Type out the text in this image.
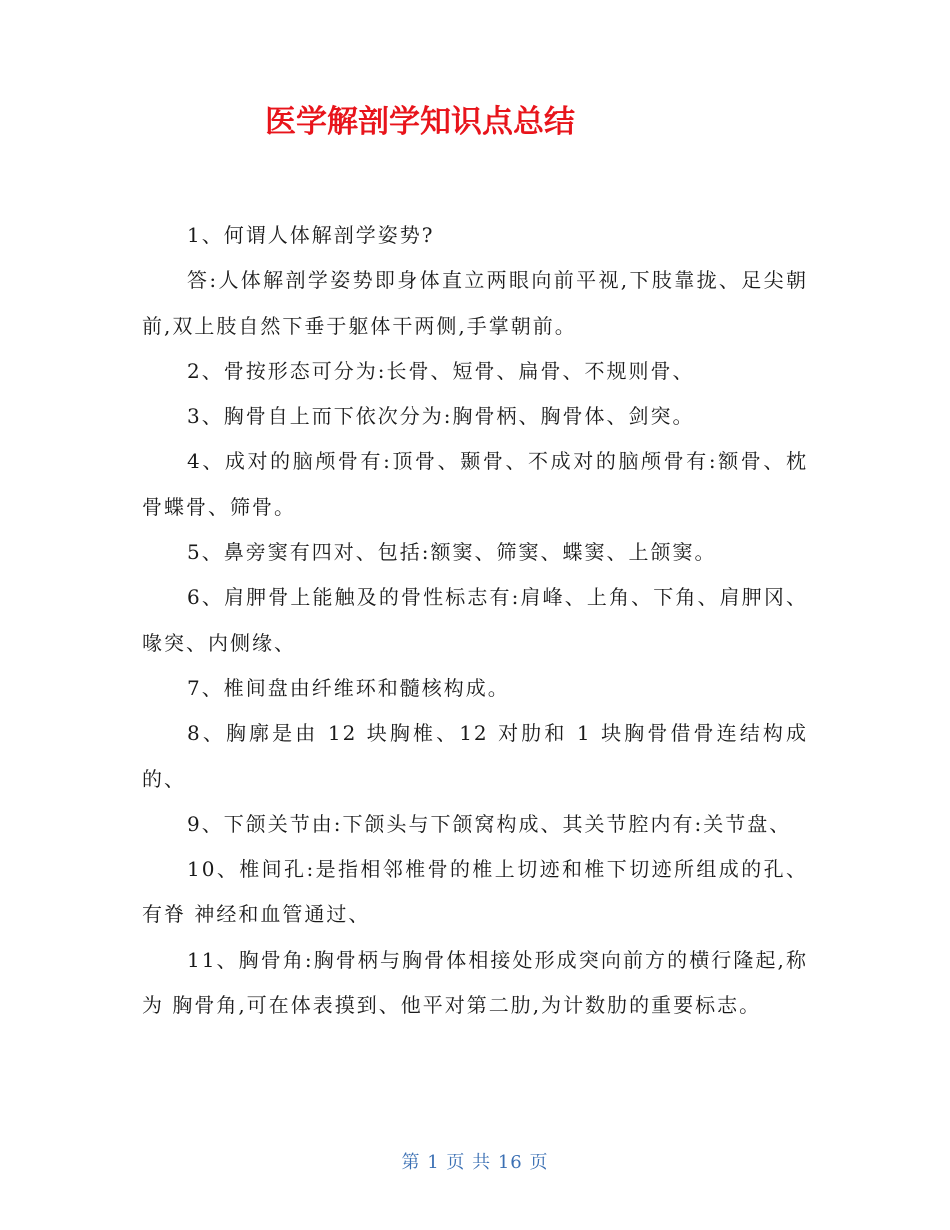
医学解剖学知识点总结

1、何谓人体解剖学姿势?

答:人体解剖学姿势即身体直立两眼向前平视,下肢靠拢、足尖朝 前,双上肢自然下垂于躯体干两侧,手掌朝前。

2、骨按形态可分为:长骨、短骨、扁骨、不规则骨、

3、胸骨自上而下依次分为:胸骨柄、胸骨体、剑突。

4、成对的脑颅骨有:顶骨、颞骨、不成对的脑颅骨有:额骨、枕骨蝶骨、筛骨。

5、鼻旁窦有四对、包括:额窦、筛窦、蝶窦、上颌窦。

6、肩胛骨上能触及的骨性标志有:肩峰、上角、下角、肩胛冈、喙突、内侧缘、

7、椎间盘由纤维环和髓核构成。

8、胸廓是由 12 块胸椎、12 对肋和 1 块胸骨借骨连结构成的、

9、下颌关节由:下颌头与下颌窝构成、其关节腔内有:关节盘、

10、椎间孔:是指相邻椎骨的椎上切迹和椎下切迹所组成的孔、有脊 神经和血管通过、

11、胸骨角:胸骨柄与胸骨体相接处形成突向前方的横行隆起,称为 胸骨角,可在体表摸到、他平对第二肋,为计数肋的重要标志。

第 1 页 共 16 页
